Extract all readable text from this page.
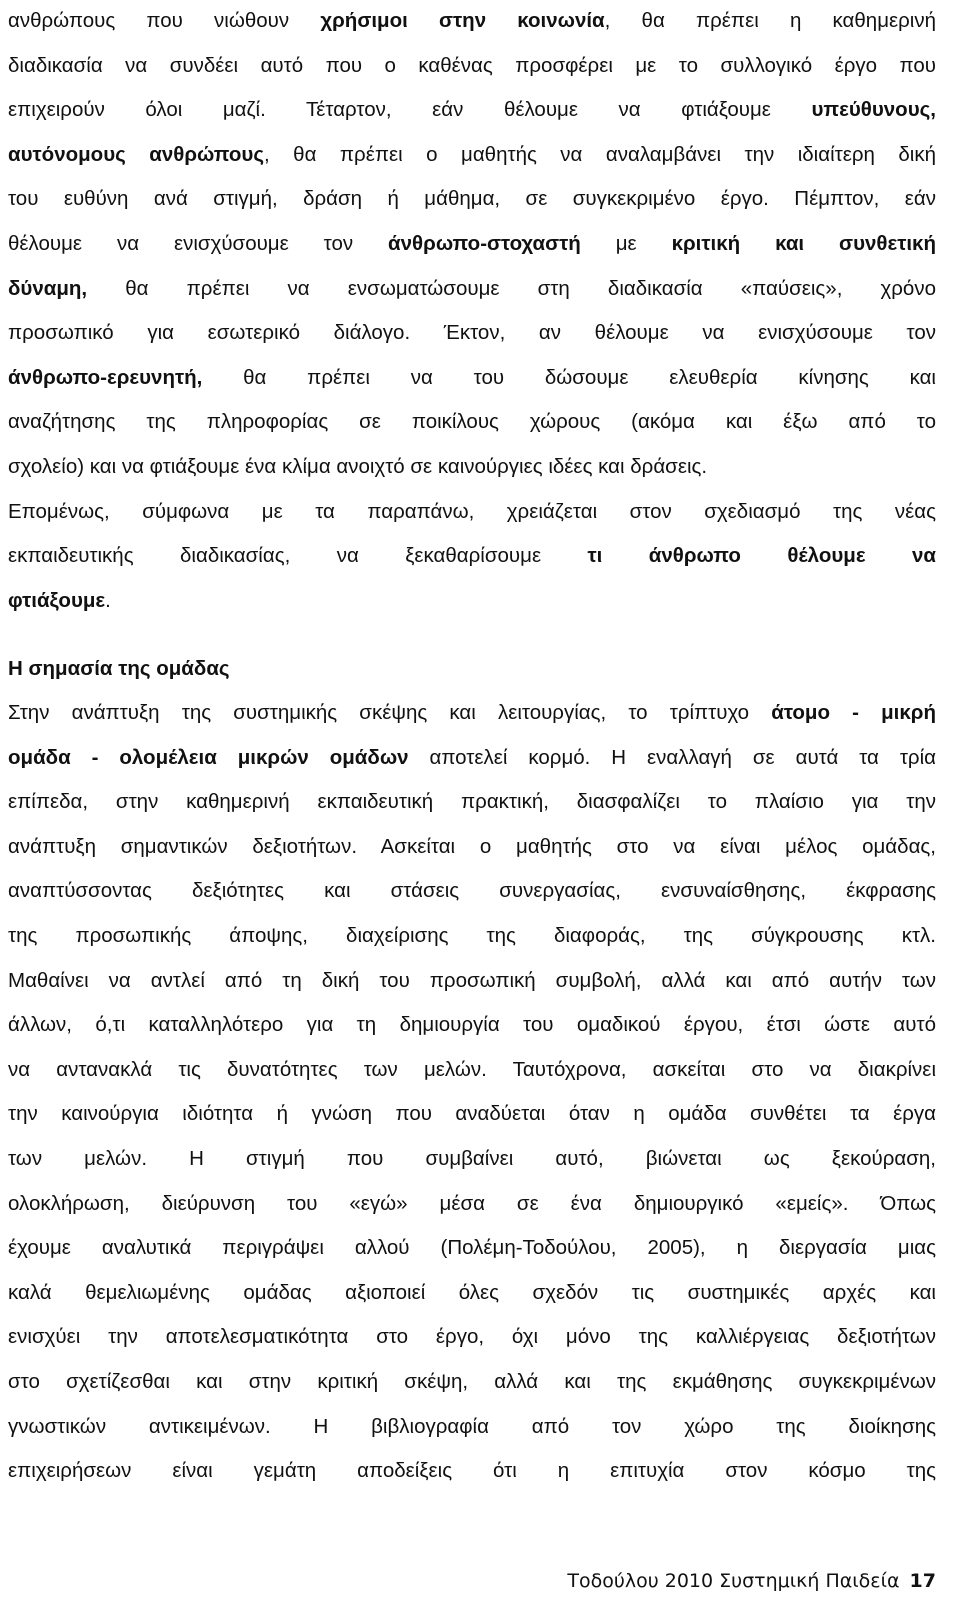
ανθρώπους που νιώθουν χρήσιμοι στην κοινωνία, θα πρέπει η καθημερινή
διαδικασία να συνδέει αυτό που ο καθένας προσφέρει με το συλλογικό έργο που
επιχειρούν όλοι μαζί. Τέταρτον, εάν θέλουμε να φτιάξουμε υπεύθυνους,
αυτόνομους ανθρώπους, θα πρέπει ο μαθητής να αναλαμβάνει την ιδιαίτερη δική
του ευθύνη ανά στιγμή, δράση ή μάθημα, σε συγκεκριμένο έργο. Πέμπτον, εάν
θέλουμε να ενισχύσουμε τον άνθρωπο-στοχαστή με κριτική και συνθετική
δύναμη, θα πρέπει να ενσωματώσουμε στη διαδικασία «παύσεις», χρόνο
προσωπικό για εσωτερικό διάλογο. Έκτον, αν θέλουμε να ενισχύσουμε τον
άνθρωπο-ερευνητή, θα πρέπει να του δώσουμε ελευθερία κίνησης και
αναζήτησης της πληροφορίας σε ποικίλους χώρους (ακόμα και έξω από το
σχολείο) και να φτιάξουμε ένα κλίμα ανοιχτό σε καινούργιες ιδέες και δράσεις.
Επομένως, σύμφωνα με τα παραπάνω, χρειάζεται στον σχεδιασμό της νέας
εκπαιδευτικής διαδικασίας, να ξεκαθαρίσουμε τι άνθρωπο θέλουμε να
φτιάξουμε.
Η σημασία της ομάδας
Στην ανάπτυξη της συστημικής σκέψης και λειτουργίας, το τρίπτυχο άτομο - μικρή
ομάδα - ολομέλεια μικρών ομάδων αποτελεί κορμό. Η εναλλαγή σε αυτά τα τρία
επίπεδα, στην καθημερινή εκπαιδευτική πρακτική, διασφαλίζει το πλαίσιο για την
ανάπτυξη σημαντικών δεξιοτήτων. Ασκείται ο μαθητής στο να είναι μέλος ομάδας,
αναπτύσσοντας δεξιότητες και στάσεις συνεργασίας, ενσυναίσθησης, έκφρασης
της προσωπικής άποψης, διαχείρισης της διαφοράς, της σύγκρουσης κτλ.
Μαθαίνει να αντλεί από τη δική του προσωπική συμβολή, αλλά και από αυτήν των
άλλων, ό,τι καταλληλότερο για τη δημιουργία του ομαδικού έργου, έτσι ώστε αυτό
να αντανακλά τις δυνατότητες των μελών. Ταυτόχρονα, ασκείται στο να διακρίνει
την καινούργια ιδιότητα ή γνώση που αναδύεται όταν η ομάδα συνθέτει τα έργα
των μελών. Η στιγμή που συμβαίνει αυτό, βιώνεται ως ξεκούραση,
ολοκλήρωση, διεύρυνση του «εγώ» μέσα σε ένα δημιουργικό «εμείς». Όπως
έχουμε αναλυτικά περιγράψει αλλού (Πολέμη-Τοδούλου, 2005), η διεργασία μιας
καλά θεμελιωμένης ομάδας αξιοποιεί όλες σχεδόν τις συστημικές αρχές και
ενισχύει την αποτελεσματικότητα στο έργο, όχι μόνο της καλλιέργειας δεξιοτήτων
στο σχετίζεσθαι και στην κριτική σκέψη, αλλά και της εκμάθησης συγκεκριμένων
γνωστικών αντικειμένων. Η βιβλιογραφία από τον χώρο της διοίκησης
επιχειρήσεων είναι γεμάτη αποδείξεις ότι η επιτυχία στον κόσμο της
Τοδούλου 2010 Συστημική Παιδεία 17
